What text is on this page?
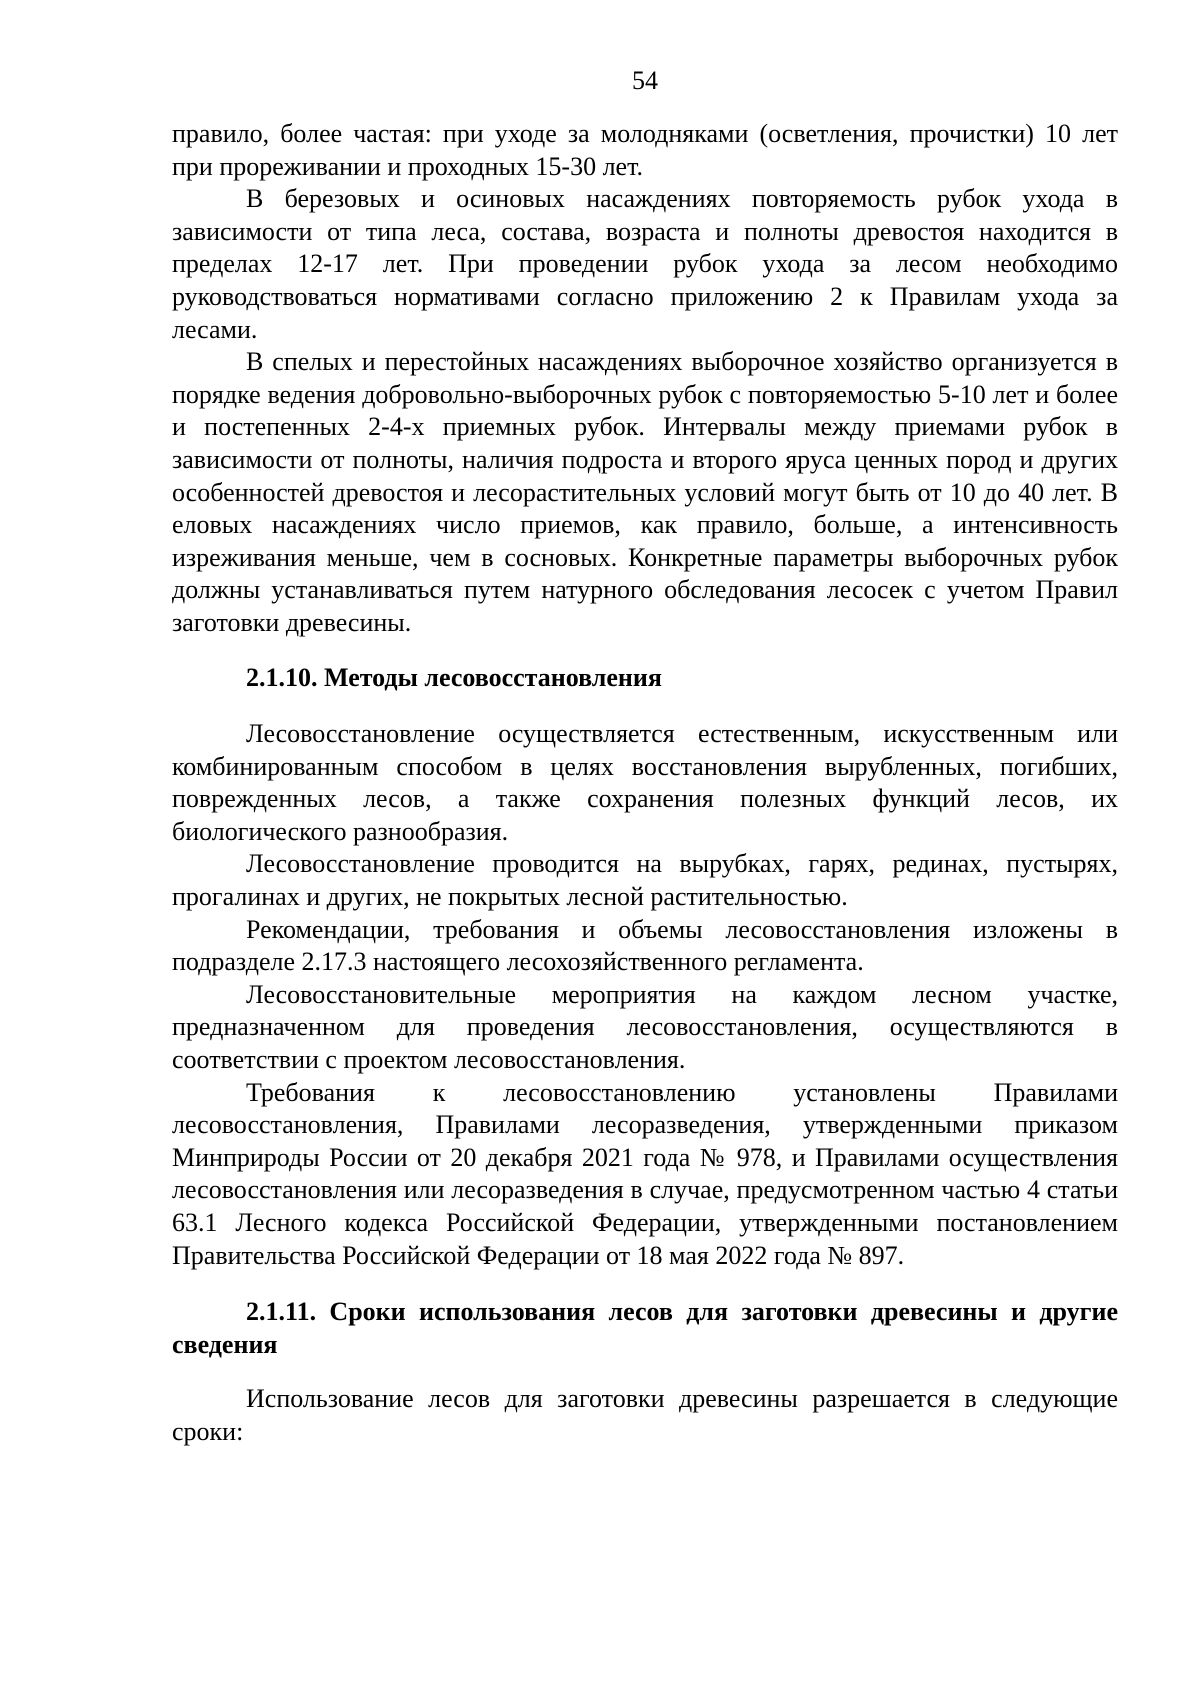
54

правило, более частая: при уходе за молодняками (осветления, прочистки) 10 лет при прореживании и проходных 15-30 лет.

В березовых и осиновых насаждениях повторяемость рубок ухода в зависимости от типа леса, состава, возраста и полноты древостоя находится в пределах 12-17 лет. При проведении рубок ухода за лесом необходимо руководствоваться нормативами согласно приложению 2 к Правилам ухода за лесами.

В спелых и перестойных насаждениях выборочное хозяйство организуется в порядке ведения добровольно-выборочных рубок с повторяемостью 5-10 лет и более и постепенных 2-4-х приемных рубок. Интервалы между приемами рубок в зависимости от полноты, наличия подроста и второго яруса ценных пород и других особенностей древостоя и лесорастительных условий могут быть от 10 до 40 лет. В еловых насаждениях число приемов, как правило, больше, а интенсивность изреживания меньше, чем в сосновых. Конкретные параметры выборочных рубок должны устанавливаться путем натурного обследования лесосек с учетом Правил заготовки древесины.

2.1.10. Методы лесовосстановления

Лесовосстановление осуществляется естественным, искусственным или комбинированным способом в целях восстановления вырубленных, погибших, поврежденных лесов, а также сохранения полезных функций лесов, их биологического разнообразия.

Лесовосстановление проводится на вырубках, гарях, рединах, пустырях, прогалинах и других, не покрытых лесной растительностью.

Рекомендации, требования и объемы лесовосстановления изложены в подразделе 2.17.3 настоящего лесохозяйственного регламента.

Лесовосстановительные мероприятия на каждом лесном участке, предназначенном для проведения лесовосстановления, осуществляются в соответствии с проектом лесовосстановления.

Требования к лесовосстановлению установлены Правилами лесовосстановления, Правилами лесоразведения, утвержденными приказом Минприроды России от 20 декабря 2021 года № 978, и Правилами осуществления лесовосстановления или лесоразведения в случае, предусмотренном частью 4 статьи 63.1 Лесного кодекса Российской Федерации, утвержденными постановлением Правительства Российской Федерации от 18 мая 2022 года № 897.

2.1.11. Сроки использования лесов для заготовки древесины и другие сведения

Использование лесов для заготовки древесины разрешается в следующие сроки:
